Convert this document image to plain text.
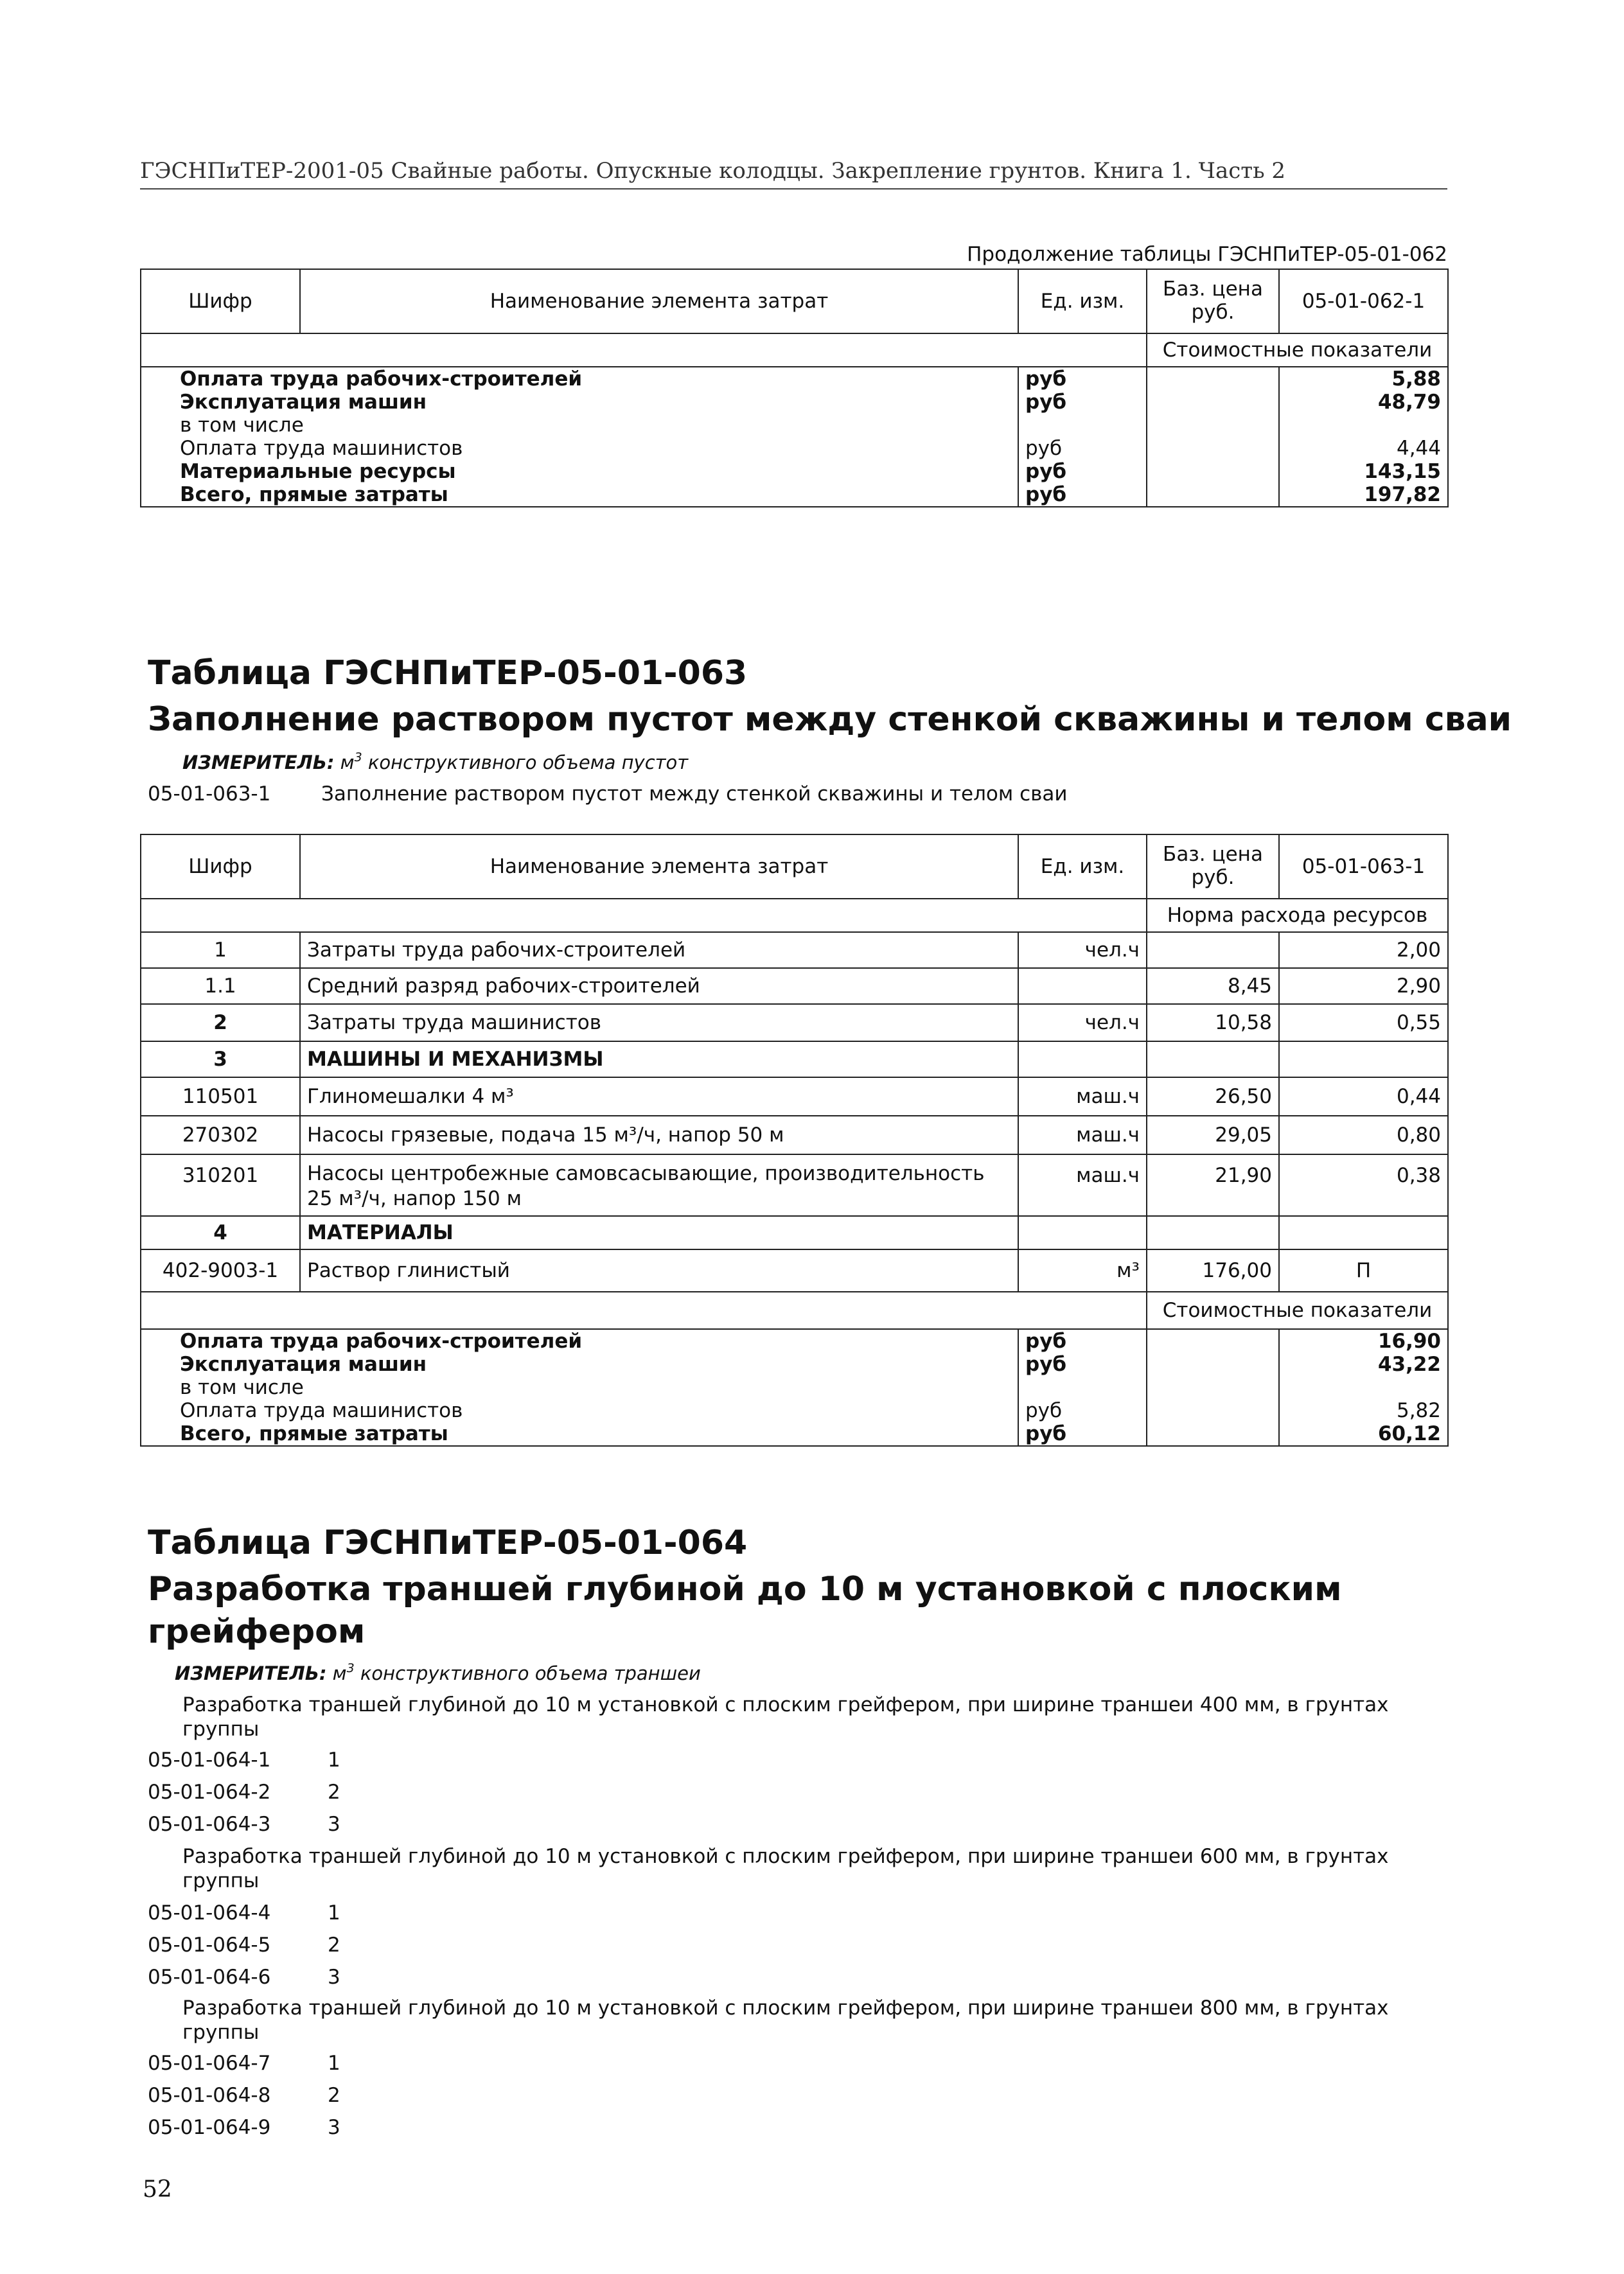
ГЭСНПиТЕР-2001-05 Свайные работы. Опускные колодцы. Закрепление грунтов. Книга 1. Часть 2
Продолжение таблицы ГЭСНПиТЕР-05-01-062
Шифр	Наименование элемента затрат	Ед. изм.	Баз. цена руб.	05-01-062-1
			Стоимостные показатели	
Оплата труда рабочих-строителей		руб		5,88
Эксплуатация машин		руб		48,79
в том числе				
Оплата труда машинистов		руб		4,44
Материальные ресурсы		руб		143,15
Всего, прямые затраты		руб		197,82
Таблица ГЭСНПиТЕР-05-01-063
Заполнение раствором пустот между стенкой скважины и телом сваи
ИЗМЕРИТЕЛЬ: $м^3$ конструктивного объема пустот
05-01-063-1	Заполнение раствором пустот между стенкой скважины и телом сваи
Шифр	Наименование элемента затрат	Ед. изм.	Баз. цена руб.	05-01-063-1
			Норма расхода ресурсов	
1	Затраты труда рабочих-строителей	чел.ч		2,00
1.1	Средний разряд рабочих-строителей		8,45	2,90
2	Затраты труда машинистов	чел.ч	10,58	0,55
3	МАШИНЫ И МЕХАНИЗМЫ			
110501	Глиномешалки 4 м³	маш.ч	26,50	0,44
270302	Насосы грязевые, подача 15 м³/ч, напор 50 м	маш.ч	29,05	0,80
310201	Насосы центробежные самовсасывающие, производительность 25 м³/ч, напор 150 м	маш.ч	21,90	0,38
4	МАТЕРИАЛЫ			
402-9003-1	Раствор глинистый	м³	176,00	П
			Стоимостные показатели	
Оплата труда рабочих-строителей		руб		16,90
Эксплуатация машин		руб		43,22
в том числе				
Оплата труда машинистов		руб		5,82
Всего, прямые затраты		руб		60,12
Таблица ГЭСНПиТЕР-05-01-064
Разработка траншей глубиной до 10 м установкой с плоским
грейфером
ИЗМЕРИТЕЛЬ: $м^3$ конструктивного объема траншеи
Разработка траншей глубиной до 10 м установкой с плоским грейфером, при ширине траншеи 400 мм, в грунтах
группы
05-01-064-1	1
05-01-064-2	2
05-01-064-3	3
Разработка траншей глубиной до 10 м установкой с плоским грейфером, при ширине траншеи 600 мм, в грунтах
группы
05-01-064-4	1
05-01-064-5	2
05-01-064-6	3
Разработка траншей глубиной до 10 м установкой с плоским грейфером, при ширине траншеи 800 мм, в грунтах
группы
05-01-064-7	1
05-01-064-8	2
05-01-064-9	3
52
